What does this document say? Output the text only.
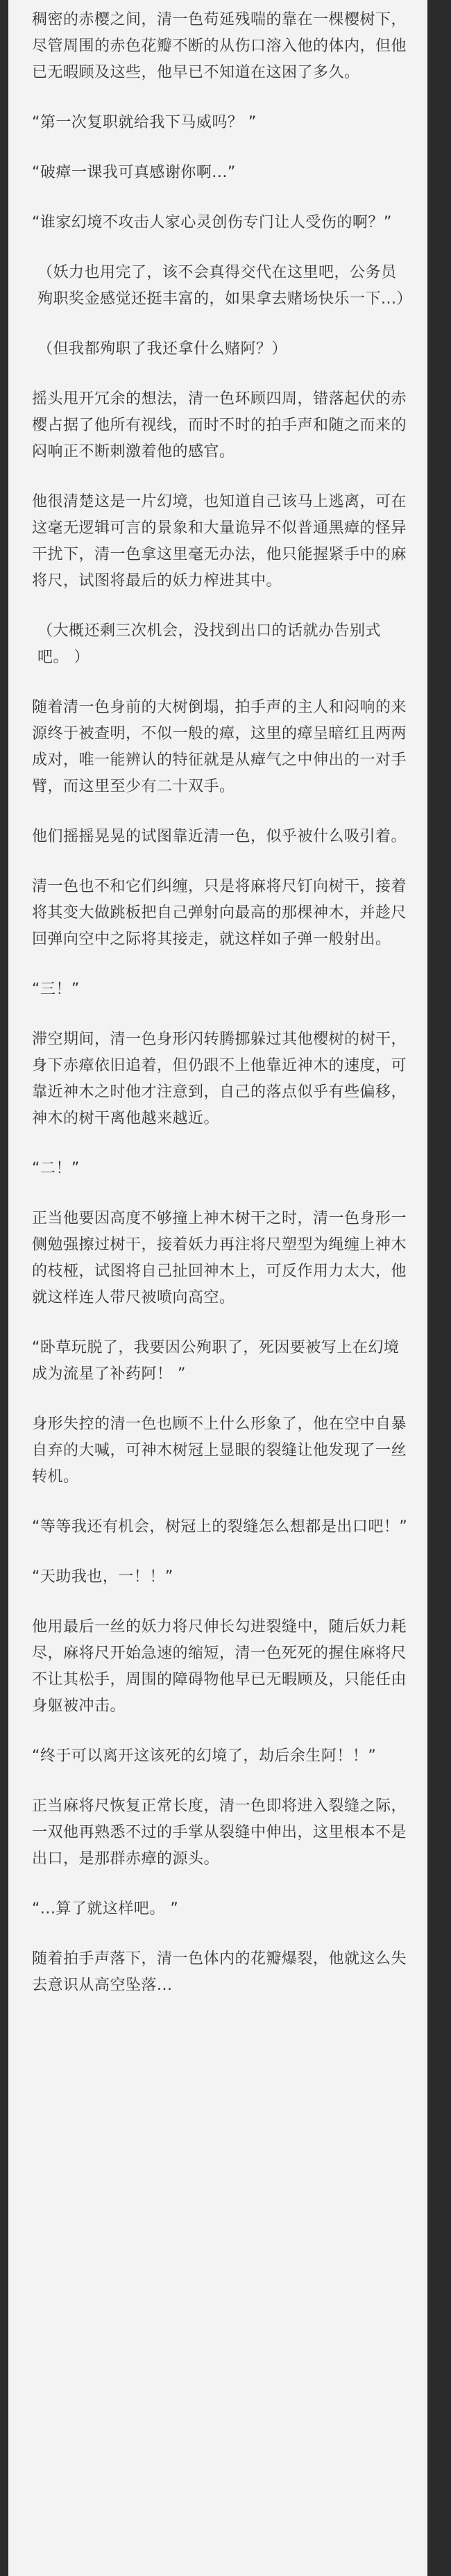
稠密的赤樱之间，清一色苟延残喘的靠在一棵樱树下，尽管周围的赤色花瓣不断的从伤口溶入他的体内，但他已无暇顾及这些，他早已不知道在这困了多久。

“第一次复职就给我下马威吗？ ”

“破瘴一课我可真感谢你啊...”

“谁家幻境不攻击人家心灵创伤专门让人受伤的啊？”

（妖力也用完了，该不会真得交代在这里吧，公务员殉职奖金感觉还挺丰富的，如果拿去赌场快乐一下...）

（但我都殉职了我还拿什么赌阿？）

摇头甩开冗余的想法，清一色环顾四周，错落起伏的赤樱占据了他所有视线，而时不时的拍手声和随之而来的闷响正不断刺激着他的感官。

他很清楚这是一片幻境，也知道自己该马上逃离，可在这毫无逻辑可言的景象和大量诡异不似普通黑瘴的怪异干扰下，清一色拿这里毫无办法，他只能握紧手中的麻将尺，试图将最后的妖力榨进其中。

（大概还剩三次机会，没找到出口的话就办告别式吧。 ）

随着清一色身前的大树倒塌，拍手声的主人和闷响的来源终于被查明，不似一般的瘴，这里的瘴呈暗红且两两成对，唯一能辨认的特征就是从瘴气之中伸出的一对手臂，而这里至少有二十双手。

他们摇摇晃晃的试图靠近清一色，似乎被什么吸引着。

清一色也不和它们纠缠，只是将麻将尺钉向树干，接着将其变大做跳板把自己弹射向最高的那棵神木，并趁尺回弹向空中之际将其接走，就这样如子弹一般射出。

“三！”

滞空期间，清一色身形闪转腾挪躲过其他樱树的树干，身下赤瘴依旧追着，但仍跟不上他靠近神木的速度，可靠近神木之时他才注意到，自己的落点似乎有些偏移，神木的树干离他越来越近。

“二！”

正当他要因高度不够撞上神木树干之时，清一色身形一侧勉强擦过树干，接着妖力再注将尺塑型为绳缠上神木的枝桠，试图将自己扯回神木上，可反作用力太大，他就这样连人带尺被喷向高空。

“卧草玩脱了，我要因公殉职了，死因要被写上在幻境成为流星了补药阿！ ”

身形失控的清一色也顾不上什么形象了，他在空中自暴自弃的大喊，可神木树冠上显眼的裂缝让他发现了一丝转机。

“等等我还有机会，树冠上的裂缝怎么想都是出口吧！”

“天助我也，一！！”

他用最后一丝的妖力将尺伸长勾进裂缝中，随后妖力耗尽，麻将尺开始急速的缩短，清一色死死的握住麻将尺不让其松手，周围的障碍物他早已无暇顾及，只能任由身躯被冲击。

“终于可以离开这该死的幻境了，劫后余生阿！！”

正当麻将尺恢复正常长度，清一色即将进入裂缝之际，一双他再熟悉不过的手掌从裂缝中伸出，这里根本不是出口，是那群赤瘴的源头。

“...算了就这样吧。 ”

随着拍手声落下，清一色体内的花瓣爆裂，他就这么失去意识从高空坠落...
